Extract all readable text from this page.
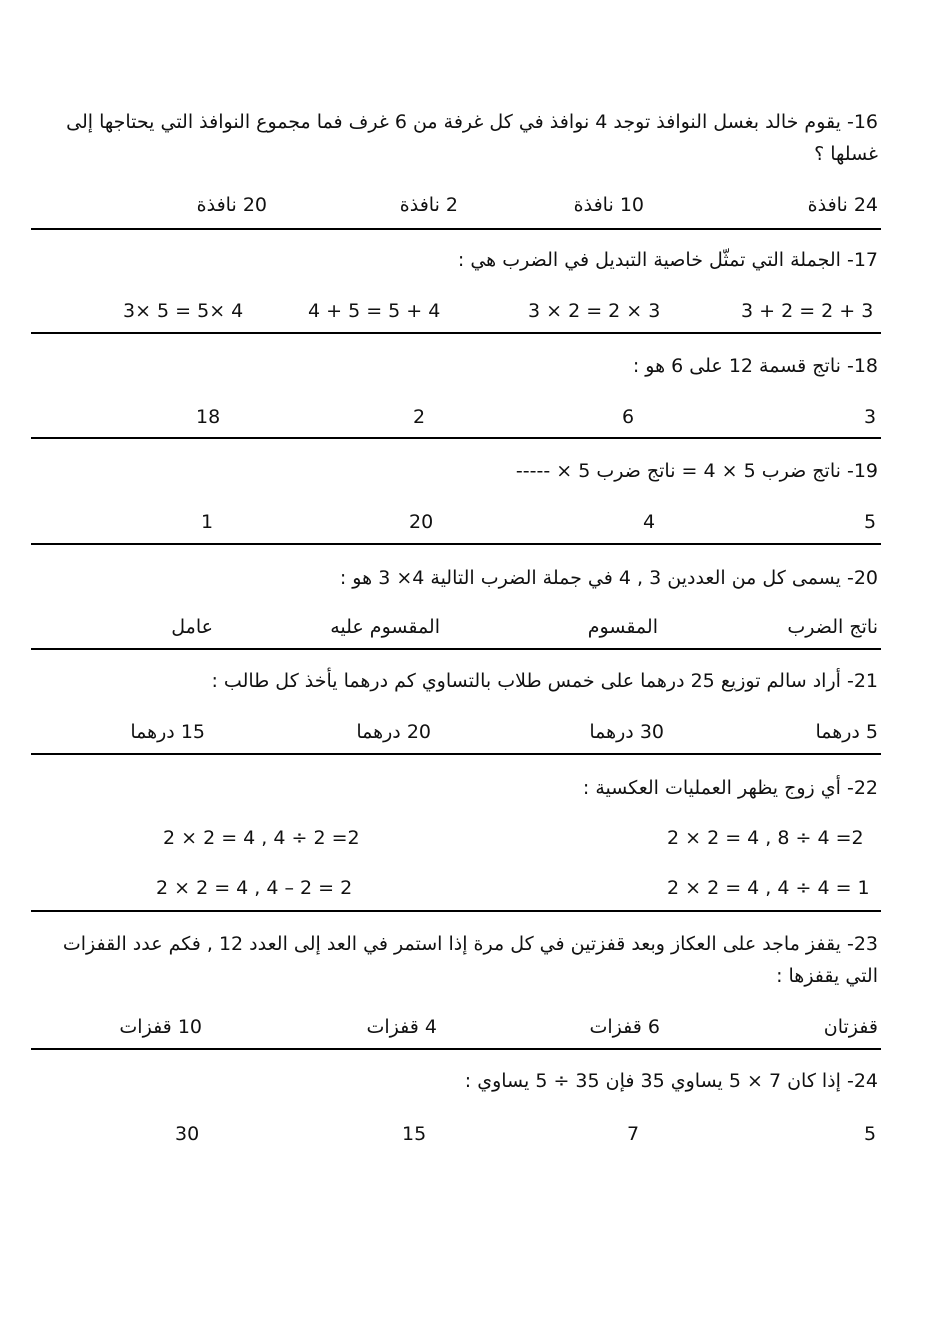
16- يقوم خالد بغسل النوافذ توجد 4 نوافذ في كل غرفة من 6 غرف فما مجموع النوافذ التي يحتاجها إلى غسلها ؟
24 نافذة
10 نافذة
2 نافذة
20 نافذة
17- الجملة التي تمثّل خاصية التبديل في الضرب هي :
3 + 2 = 2 + 3
3 × 2 = 2 × 3
4 + 5 = 5 + 4
3× 5 = 5× 4
18- ناتج قسمة 12 على 6 هو :
3
6
2
18
19- ناتج ضرب 5 × 4 = ناتج ضرب 5 × -----
5
4
20
1
20- يسمى كل من العددين 3 , 4 في جملة الضرب التالية 4× 3 هو :
ناتج الضرب
المقسوم
المقسوم عليه
عامل
21- أراد سالم توزيع 25 درهما على خمس طلاب بالتساوي كم درهما يأخذ كل طالب :
5 درهما
30 درهما
20 درهما
15 درهما
22- أي زوج يظهر العمليات العكسية :
2 × 2 = 4 , 8 ÷ 4 =2
2 × 2 = 4 , 4 ÷ 2 =2
2 × 2 = 4 , 4 ÷ 4 = 1
2 × 2 = 4 , 4 – 2 = 2
23- يقفز ماجد على العكاز وبعد قفزتين في كل مرة إذا استمر في العد إلى العدد 12 , فكم عدد القفزات التي يقفزها :
قفزتان
6 قفزات
4 قفزات
10 قفزات
24- إذا كان 7 × 5 يساوي 35 فإن 35 ÷ 5 يساوي :
5
7
15
30
